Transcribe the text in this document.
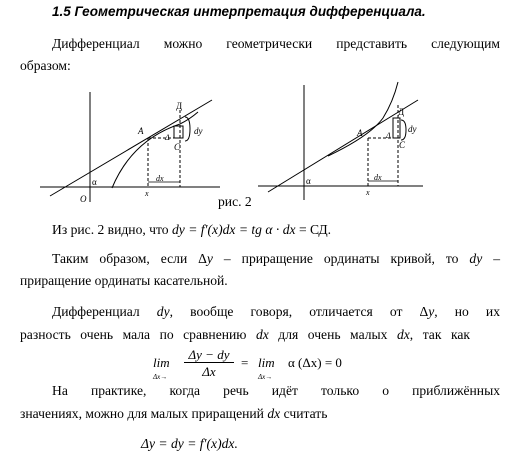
1.5 Геометрическая интерпретация дифференциала.
Дифференциал можно геометрически представить следующим
образом:
Д
dy
A
C
Δ
α
O
dx
x
рис. 2
Д
dy
A
C
Δ
α	dx
x
Из рис. 2 видно, что dy = f′(x)dx = tg α · dx = СД.
Таким образом, если Δy – приращение ординаты кривой, то dy –
приращение ординаты касательной.
Дифференциал dy, вообще говоря, отличается от Δy, но их
разность очень мала по сравнению dx для очень малых dx, так как
lim
Δx→
Δy − dy
Δx
= lim
Δx→
α (Δx) = 0
На практике, когда речь идёт только о приближённых
значениях, можно для малых приращений dx считать
Δy = dy = f′(x)dx.
